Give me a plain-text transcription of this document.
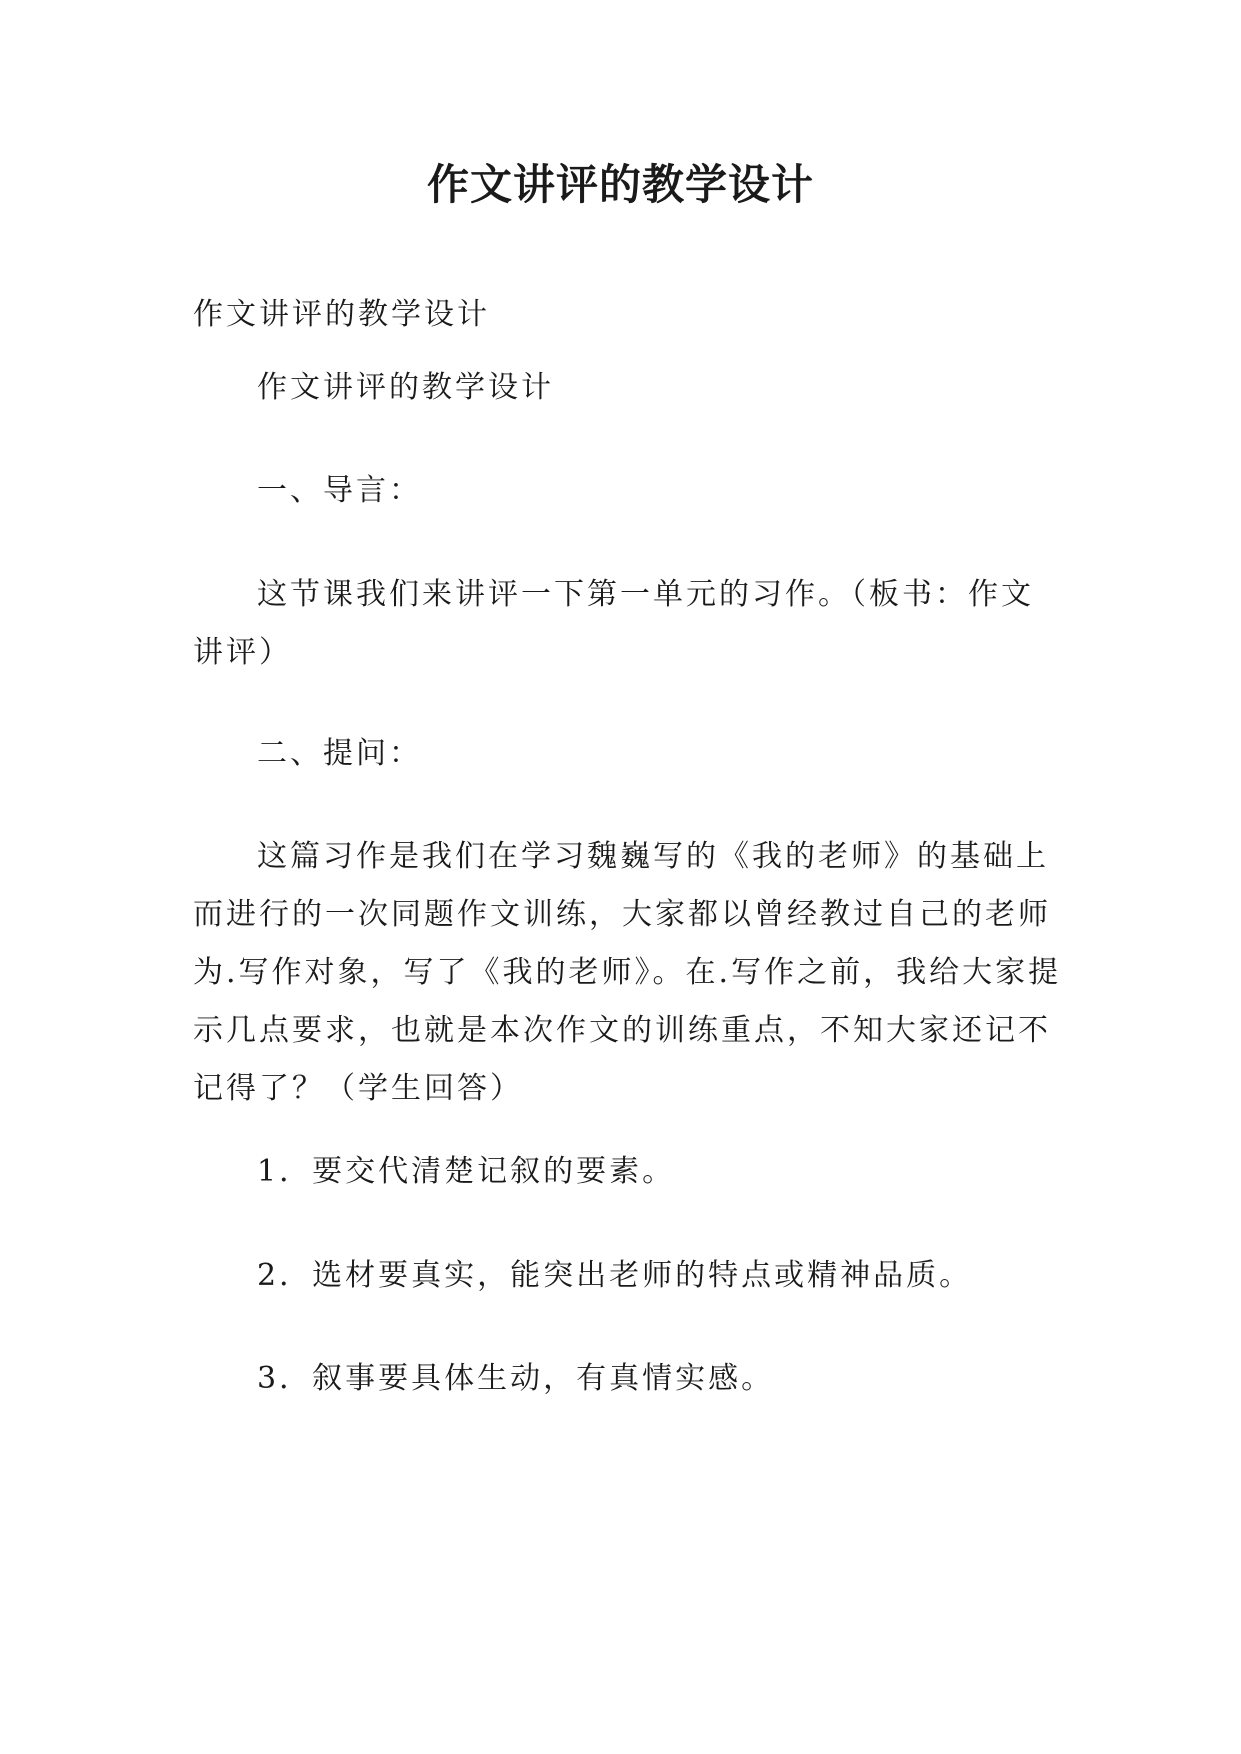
作文讲评的教学设计

作文讲评的教学设计

作文讲评的教学设计

一、导言：

这节课我们来讲评一下第一单元的习作。（板书：作文讲评）

二、提问：

这篇习作是我们在学习魏巍写的《我的老师》的基础上而进行的一次同题作文训练，大家都以曾经教过自己的老师为.写作对象，写了《我的老师》。在.写作之前，我给大家提示几点要求，也就是本次作文的训练重点，不知大家还记不记得了？（学生回答）

1．要交代清楚记叙的要素。

2．选材要真实，能突出老师的特点或精神品质。

3．叙事要具体生动，有真情实感。
